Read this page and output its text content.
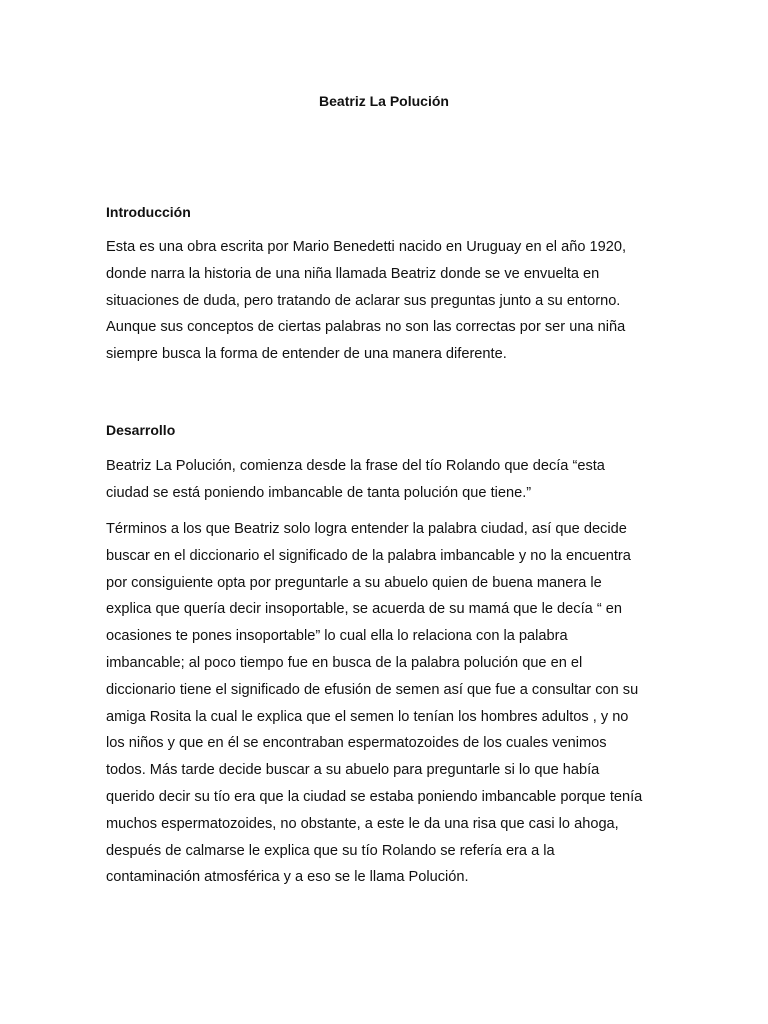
Beatriz La Polución
Introducción

Esta es una obra escrita por Mario Benedetti nacido en Uruguay en el año 1920,
donde narra la historia de una niña llamada Beatriz donde se ve envuelta en
situaciones de duda, pero tratando de aclarar sus preguntas junto a su entorno.
Aunque sus conceptos de ciertas palabras no son las correctas por ser una niña
siempre busca la forma de entender de una manera diferente.

Desarrollo

Beatriz La Polución, comienza desde la frase del tío Rolando que decía “esta
ciudad se está poniendo imbancable de tanta polución que tiene.”

Términos a los que Beatriz solo logra entender la palabra ciudad, así que decide
buscar en el diccionario el significado de la palabra imbancable y no la encuentra
por consiguiente opta por preguntarle a su abuelo quien de buena manera le
explica que quería decir insoportable, se acuerda de su mamá que le decía “ en
ocasiones te pones insoportable” lo cual ella lo relaciona con la palabra
imbancable; al poco tiempo fue en busca de la palabra polución que en el
diccionario tiene el significado de efusión de semen así que fue a consultar con su
amiga Rosita la cual le explica que el semen lo tenían los hombres adultos , y no
los niños y que en él se encontraban espermatozoides de los cuales venimos
todos. Más tarde decide buscar a su abuelo para preguntarle si lo que había
querido decir su tío era que la ciudad se estaba poniendo imbancable porque tenía
muchos espermatozoides, no obstante, a este le da una risa que casi lo ahoga,
después de calmarse le explica que su tío Rolando se refería era a la
contaminación atmosférica y a eso se le llama Polución.
